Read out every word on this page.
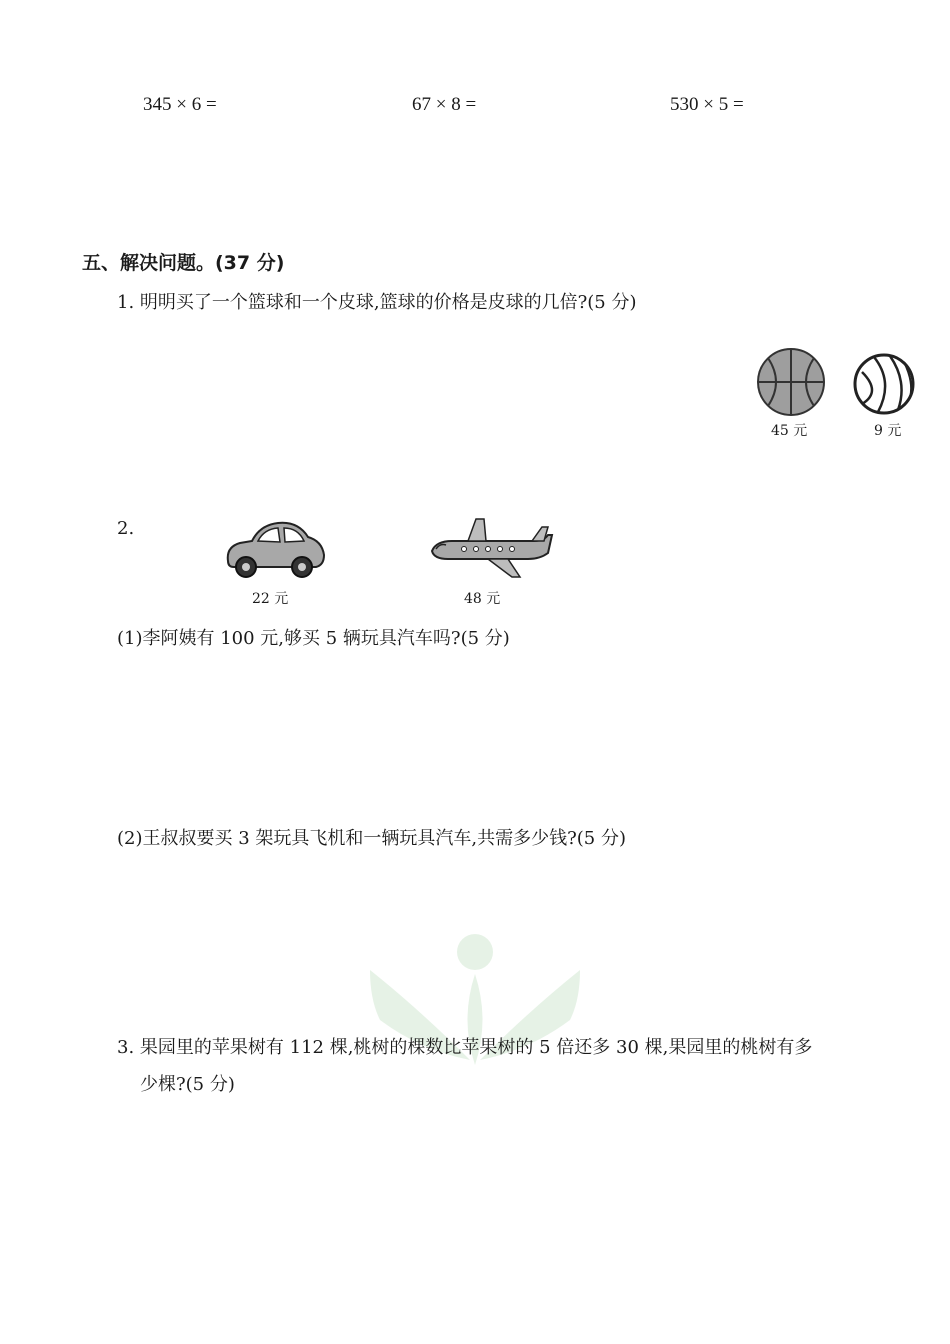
345 × 6 =	67 × 8 =	530 × 5 =
五、解决问题。(37 分)
1. 明明买了一个篮球和一个皮球,篮球的价格是皮球的几倍?(5 分)
45 元	9 元
2.
22 元	48 元
(1)李阿姨有 100 元,够买 5 辆玩具汽车吗?(5 分)
(2)王叔叔要买 3 架玩具飞机和一辆玩具汽车,共需多少钱?(5 分)
3. 果园里的苹果树有 112 棵,桃树的棵数比苹果树的 5 倍还多 30 棵,果园里的桃树有多
少棵?(5 分)
